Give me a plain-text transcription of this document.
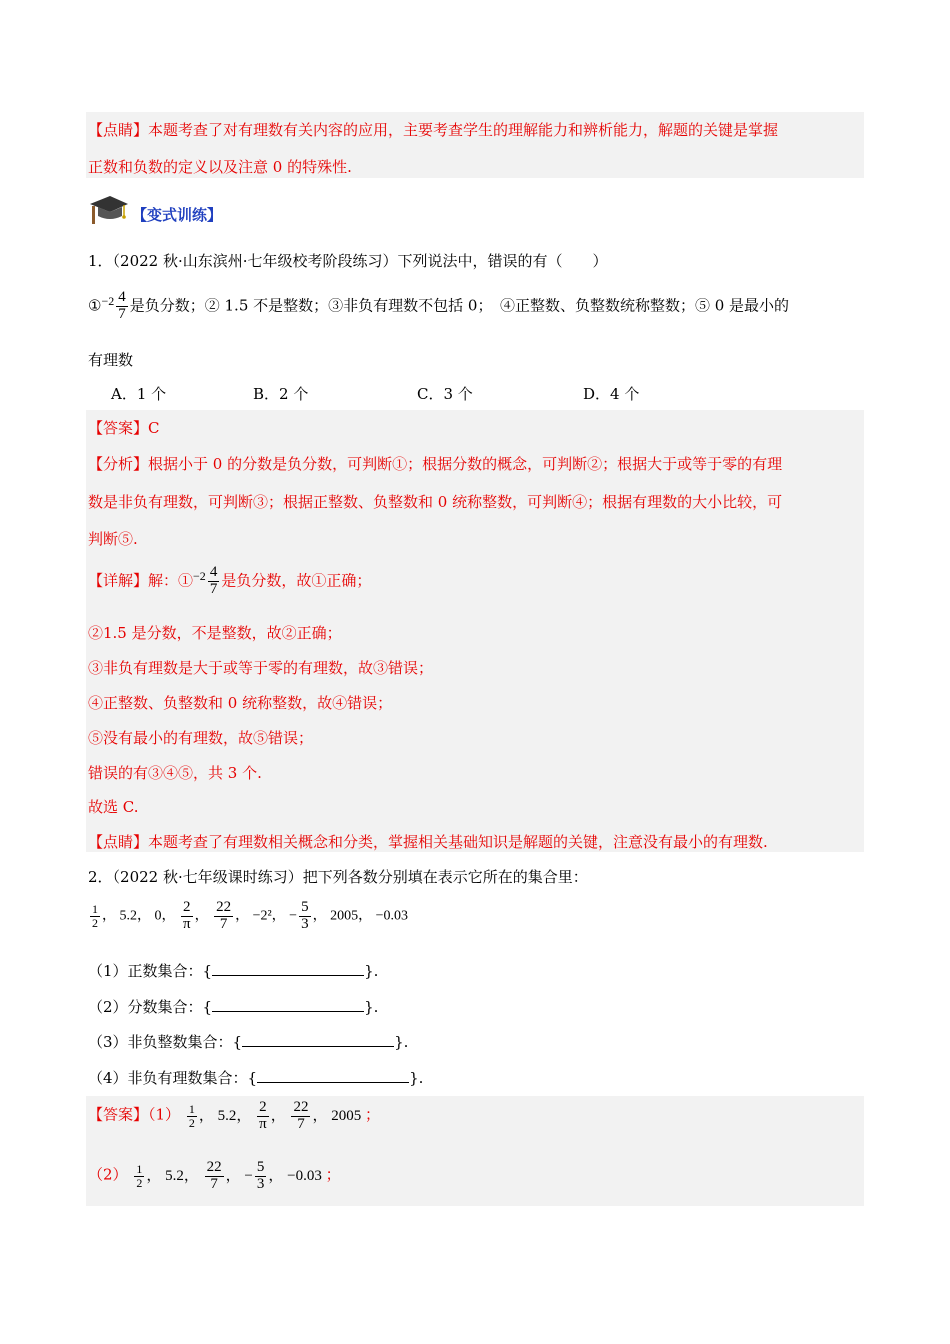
【点睛】本题考查了对有理数有关内容的应用，主要考查学生的理解能力和辨析能力，解题的关键是掌握
正数和负数的定义以及注意 0 的特殊性.
【变式训练】
1．（2022 秋·山东滨州·七年级校考阶段练习）下列说法中，错误的有（　　）
①$^{-2}$ $\frac{4}{7}$ 是负分数；② 1.5 不是整数；③非负有理数不包括 0；　④正整数、负整数统称整数；⑤ 0 是最小的
有理数
A．1 个	B．2 个	C．3 个	D．4 个
【答案】C
【分析】根据小于 0 的分数是负分数，可判断①；根据分数的概念，可判断②；根据大于或等于零的有理
数是非负有理数，可判断③；根据正整数、负整数和 0 统称整数，可判断④；根据有理数的大小比较，可
判断⑤.
【详解】解：①$^{-2}$ $\frac{4}{7}$ 是负分数，故①正确；
②1.5 是分数，不是整数，故②正确；
③非负有理数是大于或等于零的有理数，故③错误；
④正整数、负整数和 0 统称整数，故④错误；
⑤没有最小的有理数，故⑤错误；
错误的有③④⑤，共 3 个.
故选 C.
【点睛】本题考查了有理数相关概念和分类，掌握相关基础知识是解题的关键，注意没有最小的有理数.
2．（2022 秋·七年级课时练习）把下列各数分别填在表示它所在的集合里：
$\frac{1}{2}$ ， 5.2， 0， $\frac{2}{\pi}$ ， $\frac{22}{7}$ ， −2²， − $\frac{5}{3}$ ， 2005， −0.03
（1）正数集合：{	}.
（2）分数集合：{	}.
（3）非负整数集合：{	}.
（4）非负有理数集合：{	}.
【答案】$(1) \frac{1}{2}$ ， 5.2， $\frac{2}{\pi}$ ， $\frac{22}{7}$ ， 2005 ；
$(2) \frac{1}{2}$ ， 5.2， $\frac{22}{7}$ ， − $\frac{5}{3}$ ， −0.03 ；
